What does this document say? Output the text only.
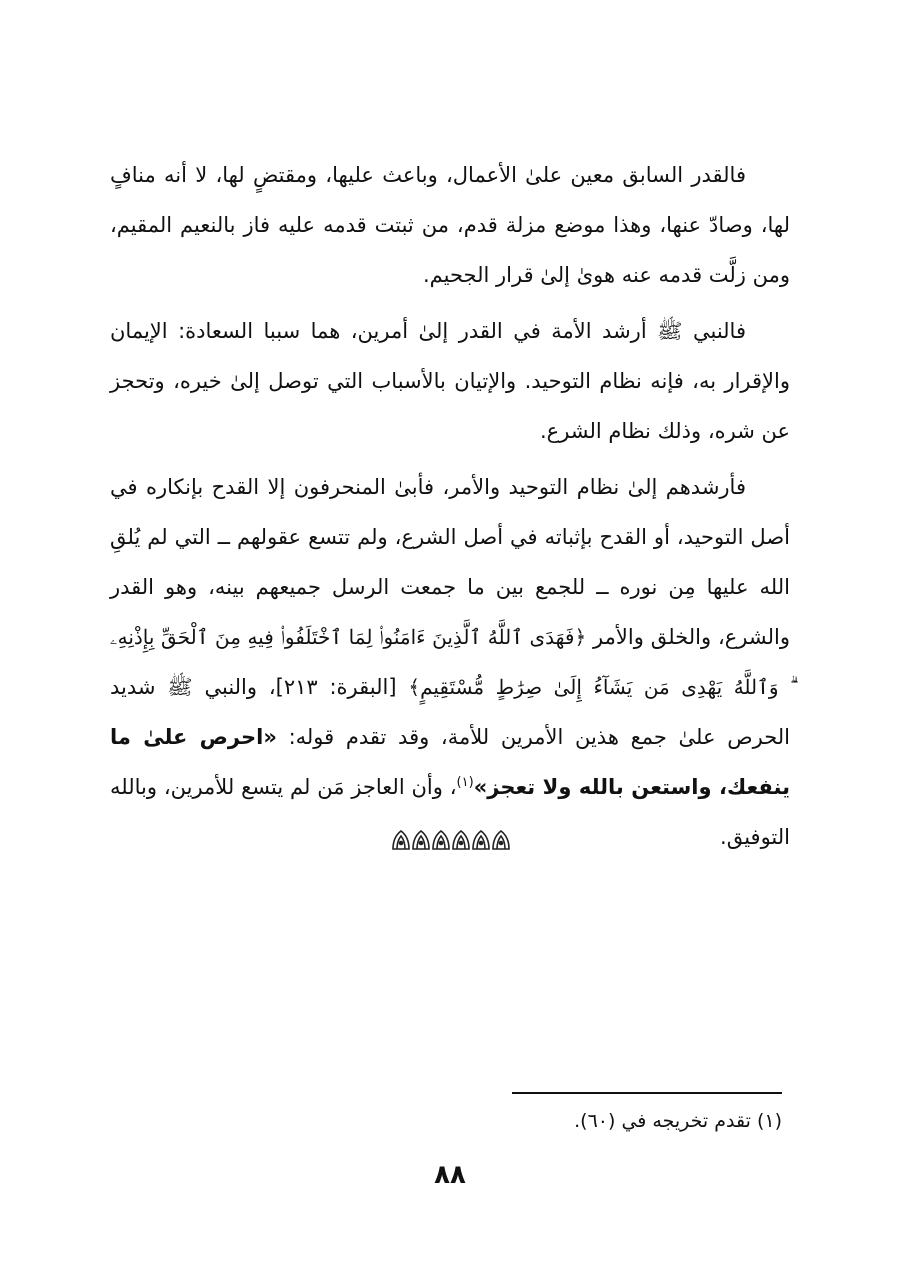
فالقدر السابق معين علىٰ الأعمال، وباعث عليها، ومقتضٍ لها، لا أنه منافٍ لها، وصادّ عنها، وهذا موضع مزلة قدم، من ثبتت قدمه عليه فاز بالنعيم المقيم، ومن زلَّت قدمه عنه هوىٰ إلىٰ قرار الجحيم.

فالنبي ﷺ أرشد الأمة في القدر إلىٰ أمرين، هما سببا السعادة: الإيمان والإقرار به، فإنه نظام التوحيد. والإتيان بالأسباب التي توصل إلىٰ خيره، وتحجز عن شره، وذلك نظام الشرع.

فأرشدهم إلىٰ نظام التوحيد والأمر، فأبىٰ المنحرفون إلا القدح بإنكاره في أصل التوحيد، أو القدح بإثباته في أصل الشرع، ولم تتسع عقولهم ــ التي لم يُلقِ الله عليها مِن نوره ــ للجمع بين ما جمعت الرسل جميعهم بينه، وهو القدر والشرع، والخلق والأمر ﴿فَهَدَى ٱللَّهُ ٱلَّذِينَ ءَامَنُوا۟ لِمَا ٱخْتَلَفُوا۟ فِيهِ مِنَ ٱلْحَقِّ بِإِذْنِهِۦ ۗ وَٱللَّهُ يَهْدِى مَن يَشَآءُ إِلَىٰ صِرَٰطٍ مُّسْتَقِيمٍ﴾ [البقرة: ٢١٣]، والنبي ﷺ شديد الحرص علىٰ جمع هذين الأمرين للأمة، وقد تقدم قوله: «احرص علىٰ ما ينفعك، واستعن بالله ولا تعجز»$^{(١)}$، وأن العاجز مَن لم يتسع للأمرين، وبالله التوفيق.

(١) تقدم تخريجه في (٦٠).
٨٨
